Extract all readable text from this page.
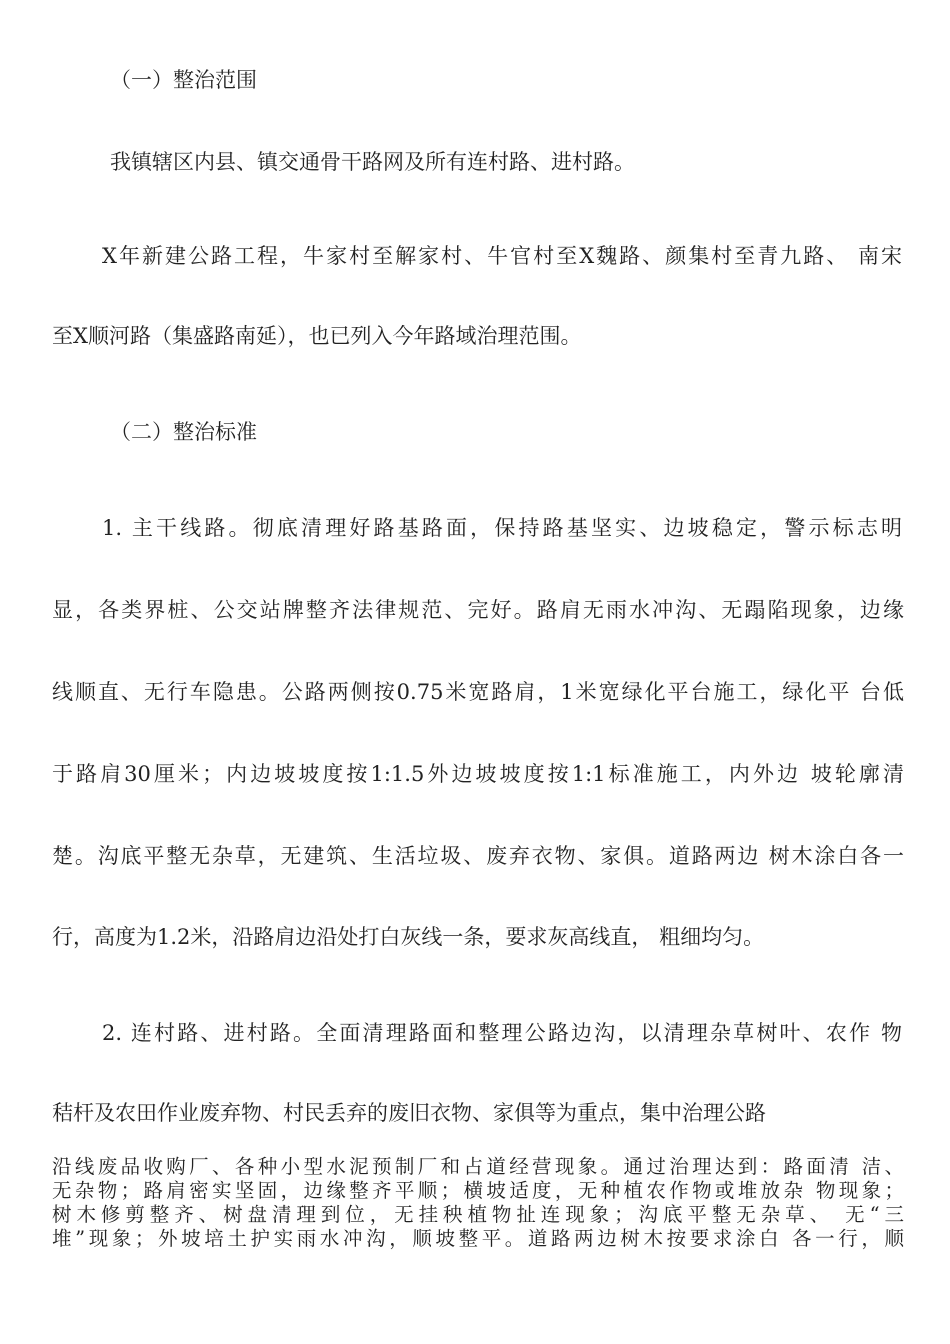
（一）整治范围

我镇辖区内县、镇交通骨干路网及所有连村路、进村路。

X年新建公路工程，牛家村至解家村、牛官村至X魏路、颜集村至青九路、 南宋

至X顺河路（集盛路南延），也已列入今年路域治理范围。

（二）整治标准

1. 主干线路。彻底清理好路基路面，保持路基坚实、边坡稳定，警示标志明

显，各类界桩、公交站牌整齐法律规范、完好。路肩无雨水冲沟、无蹋陷现象，边缘

线顺直、无行车隐患。公路两侧按0.75米宽路肩，1米宽绿化平台施工，绿化平 台低

于路肩30厘米；内边坡坡度按1:1.5外边坡坡度按1:1标准施工，内外边 坡轮廓清

楚。沟底平整无杂草，无建筑、生活垃圾、废弃衣物、家俱。道路两边 树木涂白各一

行，高度为1.2米，沿路肩边沿处打白灰线一条，要求灰高线直， 粗细均匀。

2. 连村路、进村路。全面清理路面和整理公路边沟，以清理杂草树叶、农作 物

秸杆及农田作业废弃物、村民丢弃的废旧衣物、家俱等为重点，集中治理公路

沿线废品收购厂、各种小型水泥预制厂和占道经营现象。通过治理达到：路面清 洁、
无杂物；路肩密实坚固，边缘整齐平顺；横坡适度，无种植农作物或堆放杂 物现象；
树木修剪整齐、树盘清理到位，无挂秧植物扯连现象；沟底平整无杂草、 无“三
堆”现象；外坡培土护实雨水冲沟，顺坡整平。道路两边树木按要求涂白 各一行，顺
